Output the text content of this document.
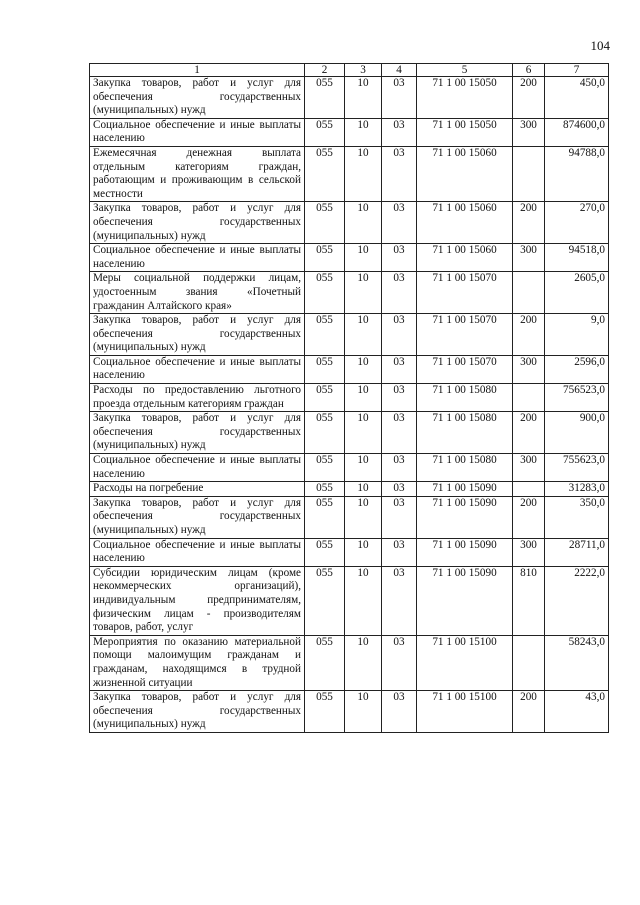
104
1	2	3	4	5	6	7
Закупка товаров, работ и услуг для обеспечения государственных (муниципальных) нужд	055	10	03	71 1 00 15050	200	450,0
Социальное обеспечение и иные выплаты населению	055	10	03	71 1 00 15050	300	874600,0
Ежемесячная денежная выплата отдельным категориям граждан, работающим и проживающим в сельской местности	055	10	03	71 1 00 15060		94788,0
Закупка товаров, работ и услуг для обеспечения государственных (муниципальных) нужд	055	10	03	71 1 00 15060	200	270,0
Социальное обеспечение и иные выплаты населению	055	10	03	71 1 00 15060	300	94518,0
Меры социальной поддержки лицам, удостоенным звания «Почетный гражданин Алтайского края»	055	10	03	71 1 00 15070		2605,0
Закупка товаров, работ и услуг для обеспечения государственных (муниципальных) нужд	055	10	03	71 1 00 15070	200	9,0
Социальное обеспечение и иные выплаты населению	055	10	03	71 1 00 15070	300	2596,0
Расходы по предоставлению льготного проезда отдельным категориям граждан	055	10	03	71 1 00 15080		756523,0
Закупка товаров, работ и услуг для обеспечения государственных (муниципальных) нужд	055	10	03	71 1 00 15080	200	900,0
Социальное обеспечение и иные выплаты населению	055	10	03	71 1 00 15080	300	755623,0
Расходы на погребение	055	10	03	71 1 00 15090		31283,0
Закупка товаров, работ и услуг для обеспечения государственных (муниципальных) нужд	055	10	03	71 1 00 15090	200	350,0
Социальное обеспечение и иные выплаты населению	055	10	03	71 1 00 15090	300	28711,0
Субсидии юридическим лицам (кроме некоммерческих организаций), индивидуальным предпринимателям, физическим лицам - производителям товаров, работ, услуг	055	10	03	71 1 00 15090	810	2222,0
Мероприятия по оказанию материальной помощи малоимущим гражданам и гражданам, находящимся в трудной жизненной ситуации	055	10	03	71 1 00 15100		58243,0
Закупка товаров, работ и услуг для обеспечения государственных (муниципальных) нужд	055	10	03	71 1 00 15100	200	43,0
